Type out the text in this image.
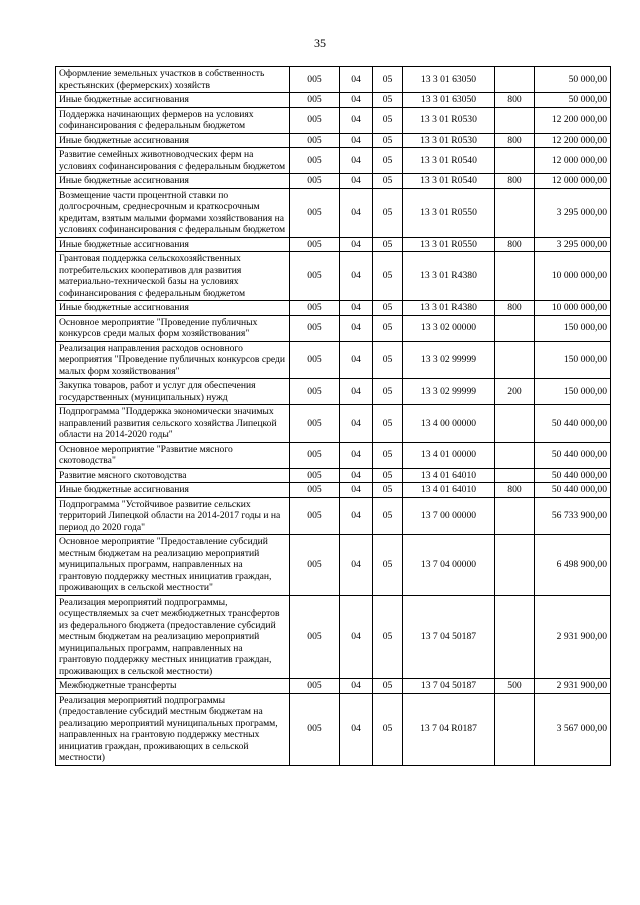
35
Оформление земельных участков в собственность крестьянских (фермерских) хозяйств	005	04	05	13 3 01 63050		50 000,00
Иные бюджетные ассигнования	005	04	05	13 3 01 63050	800	50 000,00
Поддержка начинающих фермеров на условиях софинансирования с федеральным бюджетом	005	04	05	13 3 01 R0530		12 200 000,00
Иные бюджетные ассигнования	005	04	05	13 3 01 R0530	800	12 200 000,00
Развитие семейных животноводческих ферм на условиях софинансирования с федеральным бюджетом	005	04	05	13 3 01 R0540		12 000 000,00
Иные бюджетные ассигнования	005	04	05	13 3 01 R0540	800	12 000 000,00
Возмещение части процентной ставки по долгосрочным, среднесрочным и краткосрочным кредитам, взятым малыми формами хозяйствования на условиях софинансирования с федеральным бюджетом	005	04	05	13 3 01 R0550		3 295 000,00
Иные бюджетные ассигнования	005	04	05	13 3 01 R0550	800	3 295 000,00
Грантовая поддержка сельскохозяйственных потребительских кооперативов для развития материально-технической базы на условиях софинансирования с федеральным бюджетом	005	04	05	13 3 01 R4380		10 000 000,00
Иные бюджетные ассигнования	005	04	05	13 3 01 R4380	800	10 000 000,00
Основное мероприятие "Проведение публичных конкурсов среди малых форм хозяйствования"	005	04	05	13 3 02 00000		150 000,00
Реализация направления расходов основного мероприятия "Проведение публичных конкурсов среди малых форм хозяйствования"	005	04	05	13 3 02 99999		150 000,00
Закупка товаров, работ и услуг для обеспечения государственных (муниципальных) нужд	005	04	05	13 3 02 99999	200	150 000,00
Подпрограмма "Поддержка экономически значимых направлений развития сельского хозяйства Липецкой области на 2014-2020 годы"	005	04	05	13 4 00 00000		50 440 000,00
Основное мероприятие "Развитие мясного скотоводства"	005	04	05	13 4 01 00000		50 440 000,00
Развитие мясного скотоводства	005	04	05	13 4 01 64010		50 440 000,00
Иные бюджетные ассигнования	005	04	05	13 4 01 64010	800	50 440 000,00
Подпрограмма "Устойчивое развитие сельских территорий Липецкой области на 2014-2017 годы и на период до 2020 года"	005	04	05	13 7 00 00000		56 733 900,00
Основное мероприятие "Предоставление субсидий местным бюджетам на реализацию мероприятий муниципальных программ, направленных на грантовую поддержку местных инициатив граждан, проживающих в сельской местности"	005	04	05	13 7 04 00000		6 498 900,00
Реализация мероприятий подпрограммы, осуществляемых за счет межбюджетных трансфертов из федерального бюджета (предоставление субсидий местным бюджетам на реализацию мероприятий муниципальных программ, направленных на грантовую поддержку местных инициатив граждан, проживающих в сельской местности)	005	04	05	13 7 04 50187		2 931 900,00
Межбюджетные трансферты	005	04	05	13 7 04 50187	500	2 931 900,00
Реализация мероприятий подпрограммы (предоставление субсидий местным бюджетам на реализацию мероприятий муниципальных программ, направленных на грантовую поддержку местных инициатив граждан, проживающих в сельской местности)	005	04	05	13 7 04 R0187		3 567 000,00
